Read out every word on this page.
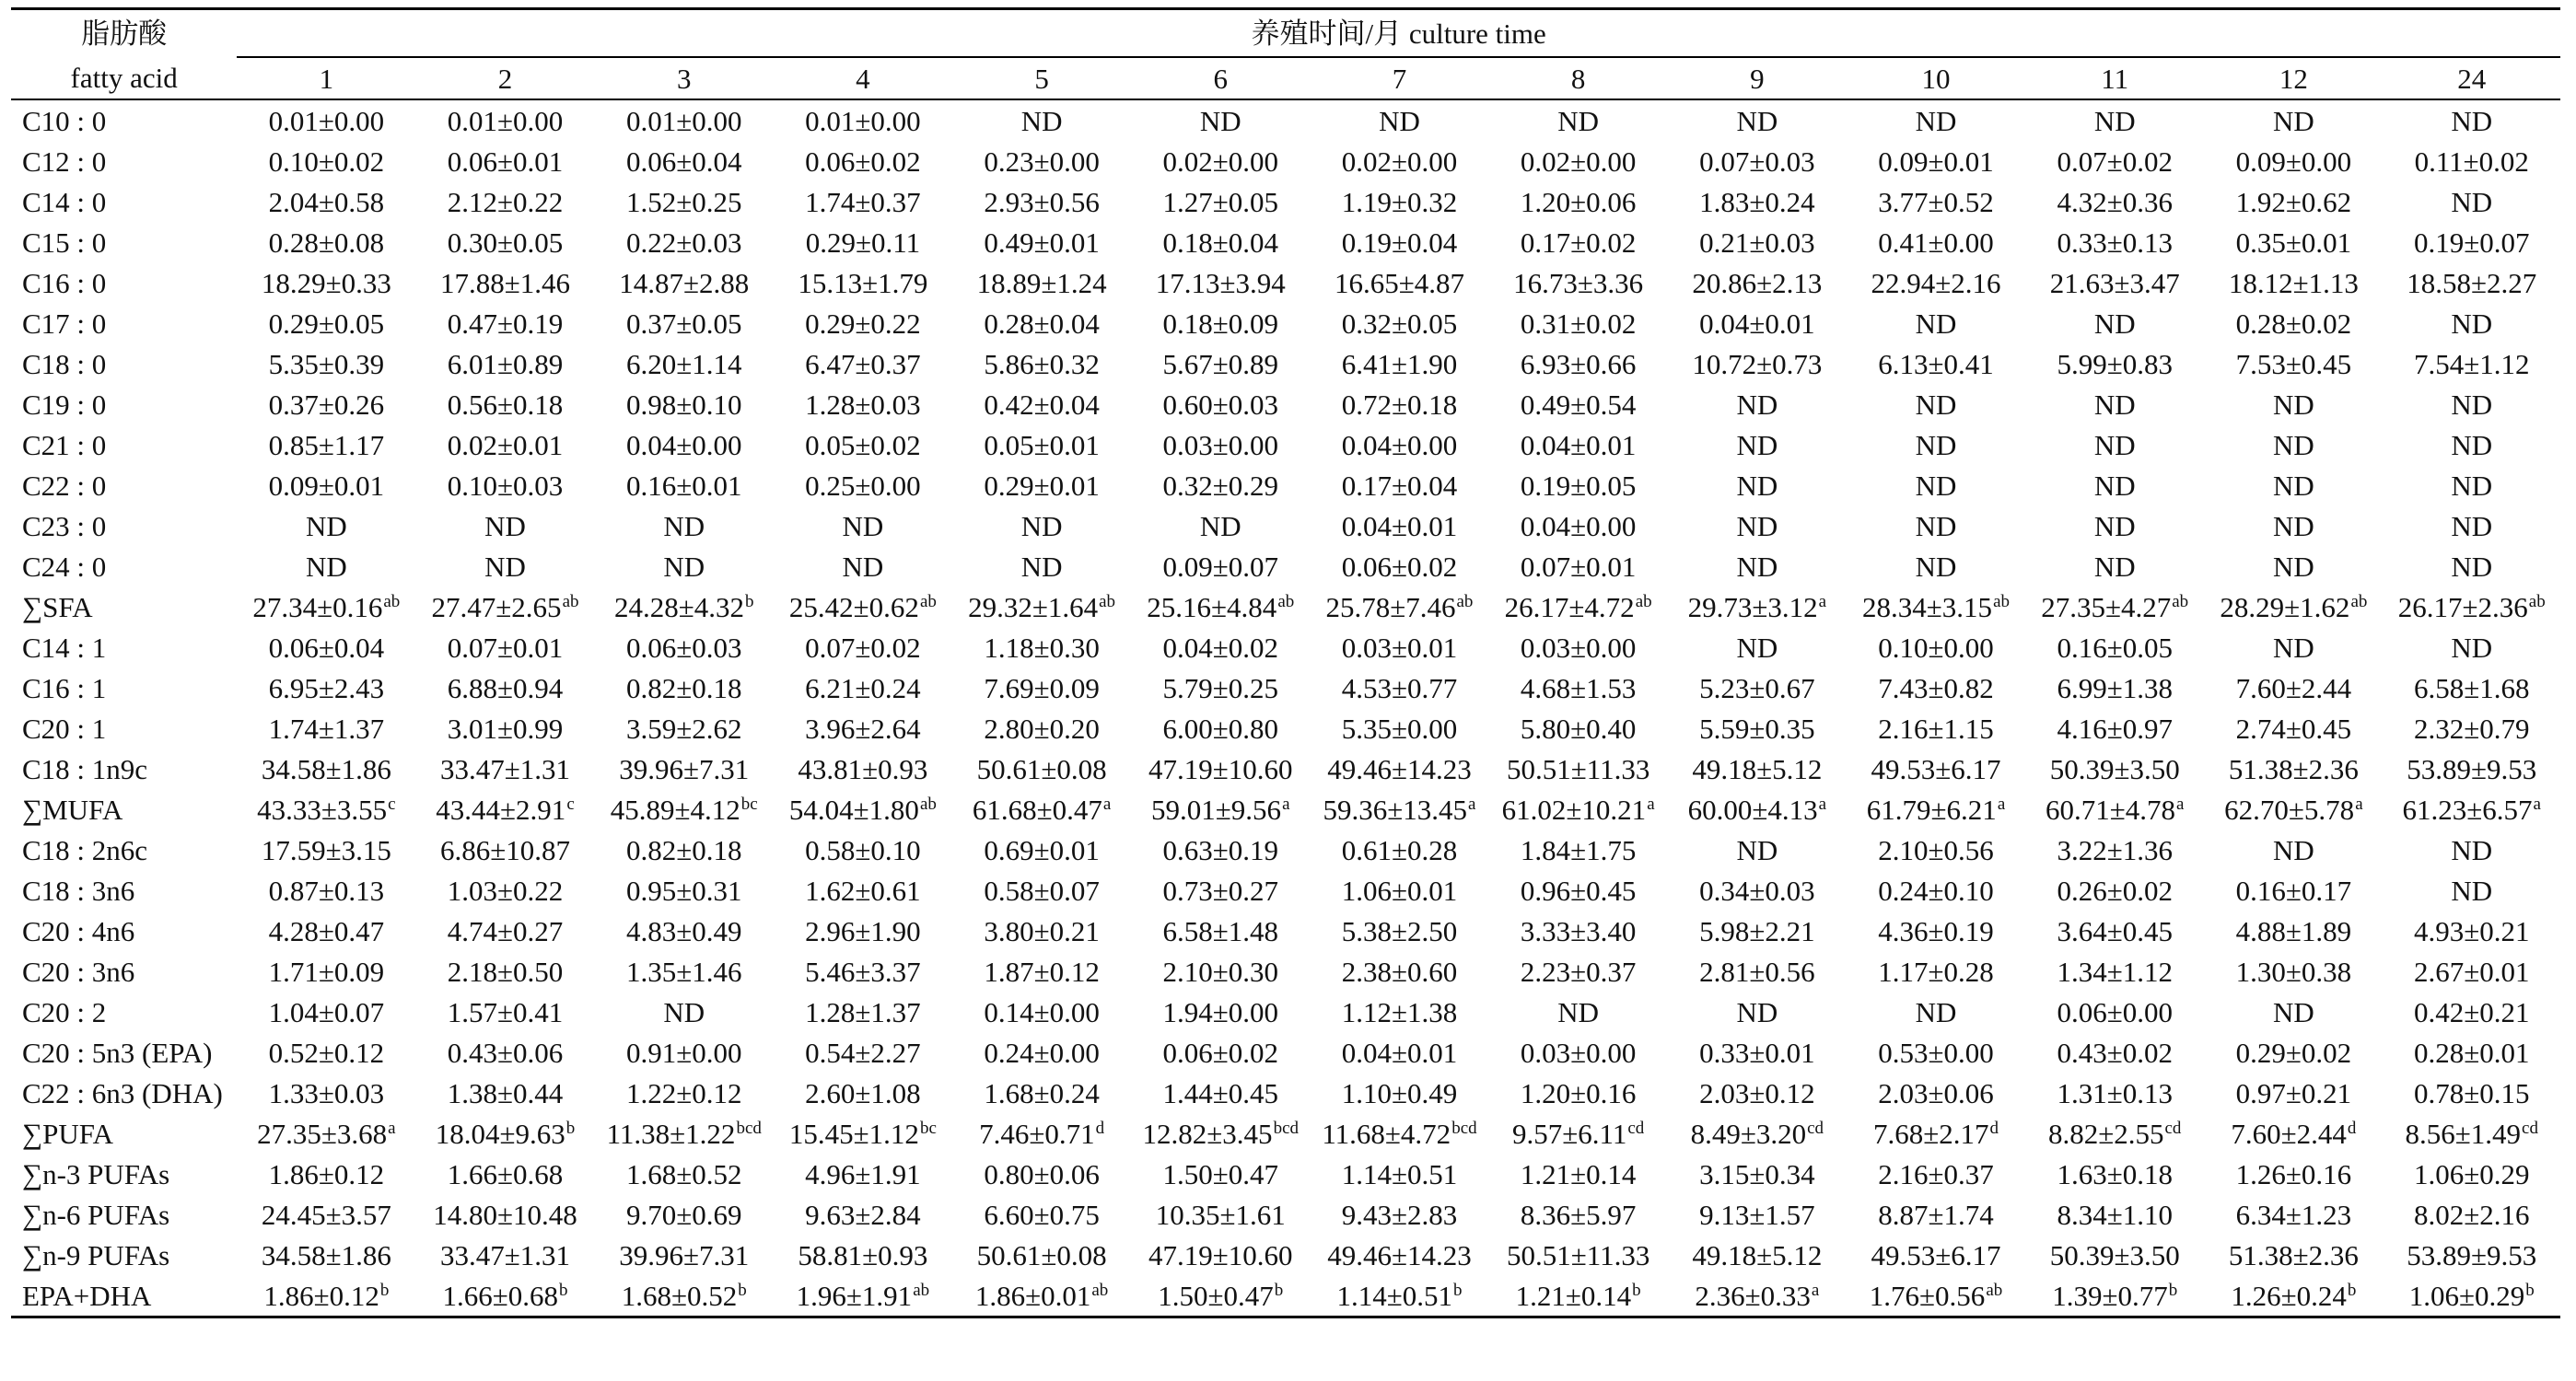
脂肪酸	养殖时间/月 culture time												
fatty acid	1	2	3	4	5	6	7	8	9	10	11	12	24
C10 : 0	0.01±0.00	0.01±0.00	0.01±0.00	0.01±0.00	ND	ND	ND	ND	ND	ND	ND	ND	ND
C12 : 0	0.10±0.02	0.06±0.01	0.06±0.04	0.06±0.02	0.23±0.00	0.02±0.00	0.02±0.00	0.02±0.00	0.07±0.03	0.09±0.01	0.07±0.02	0.09±0.00	0.11±0.02
C14 : 0	2.04±0.58	2.12±0.22	1.52±0.25	1.74±0.37	2.93±0.56	1.27±0.05	1.19±0.32	1.20±0.06	1.83±0.24	3.77±0.52	4.32±0.36	1.92±0.62	ND
C15 : 0	0.28±0.08	0.30±0.05	0.22±0.03	0.29±0.11	0.49±0.01	0.18±0.04	0.19±0.04	0.17±0.02	0.21±0.03	0.41±0.00	0.33±0.13	0.35±0.01	0.19±0.07
C16 : 0	18.29±0.33	17.88±1.46	14.87±2.88	15.13±1.79	18.89±1.24	17.13±3.94	16.65±4.87	16.73±3.36	20.86±2.13	22.94±2.16	21.63±3.47	18.12±1.13	18.58±2.27
C17 : 0	0.29±0.05	0.47±0.19	0.37±0.05	0.29±0.22	0.28±0.04	0.18±0.09	0.32±0.05	0.31±0.02	0.04±0.01	ND	ND	0.28±0.02	ND
C18 : 0	5.35±0.39	6.01±0.89	6.20±1.14	6.47±0.37	5.86±0.32	5.67±0.89	6.41±1.90	6.93±0.66	10.72±0.73	6.13±0.41	5.99±0.83	7.53±0.45	7.54±1.12
C19 : 0	0.37±0.26	0.56±0.18	0.98±0.10	1.28±0.03	0.42±0.04	0.60±0.03	0.72±0.18	0.49±0.54	ND	ND	ND	ND	ND
C21 : 0	0.85±1.17	0.02±0.01	0.04±0.00	0.05±0.02	0.05±0.01	0.03±0.00	0.04±0.00	0.04±0.01	ND	ND	ND	ND	ND
C22 : 0	0.09±0.01	0.10±0.03	0.16±0.01	0.25±0.00	0.29±0.01	0.32±0.29	0.17±0.04	0.19±0.05	ND	ND	ND	ND	ND
C23 : 0	ND	ND	ND	ND	ND	ND	0.04±0.01	0.04±0.00	ND	ND	ND	ND	ND
C24 : 0	ND	ND	ND	ND	ND	0.09±0.07	0.06±0.02	0.07±0.01	ND	ND	ND	ND	ND
∑SFA	27.34±0.16$^{ab}$	27.47±2.65$^{ab}$	24.28±4.32$^b$	25.42±0.62$^{ab}$	29.32±1.64$^{ab}$	25.16±4.84$^{ab}$	25.78±7.46$^{ab}$	26.17±4.72$^{ab}$	29.73±3.12$^a$	28.34±3.15$^{ab}$	27.35±4.27$^{ab}$	28.29±1.62$^{ab}$	26.17±2.36$^{ab}$
C14 : 1	0.06±0.04	0.07±0.01	0.06±0.03	0.07±0.02	1.18±0.30	0.04±0.02	0.03±0.01	0.03±0.00	ND	0.10±0.00	0.16±0.05	ND	ND
C16 : 1	6.95±2.43	6.88±0.94	0.82±0.18	6.21±0.24	7.69±0.09	5.79±0.25	4.53±0.77	4.68±1.53	5.23±0.67	7.43±0.82	6.99±1.38	7.60±2.44	6.58±1.68
C20 : 1	1.74±1.37	3.01±0.99	3.59±2.62	3.96±2.64	2.80±0.20	6.00±0.80	5.35±0.00	5.80±0.40	5.59±0.35	2.16±1.15	4.16±0.97	2.74±0.45	2.32±0.79
C18 : 1n9c	34.58±1.86	33.47±1.31	39.96±7.31	43.81±0.93	50.61±0.08	47.19±10.60	49.46±14.23	50.51±11.33	49.18±5.12	49.53±6.17	50.39±3.50	51.38±2.36	53.89±9.53
∑MUFA	43.33±3.55$^c$	43.44±2.91$^c$	45.89±4.12$^{bc}$	54.04±1.80$^{ab}$	61.68±0.47$^a$	59.01±9.56$^a$	59.36±13.45$^a$	61.02±10.21$^a$	60.00±4.13$^a$	61.79±6.21$^a$	60.71±4.78$^a$	62.70±5.78$^a$	61.23±6.57$^a$
C18 : 2n6c	17.59±3.15	6.86±10.87	0.82±0.18	0.58±0.10	0.69±0.01	0.63±0.19	0.61±0.28	1.84±1.75	ND	2.10±0.56	3.22±1.36	ND	ND
C18 : 3n6	0.87±0.13	1.03±0.22	0.95±0.31	1.62±0.61	0.58±0.07	0.73±0.27	1.06±0.01	0.96±0.45	0.34±0.03	0.24±0.10	0.26±0.02	0.16±0.17	ND
C20 : 4n6	4.28±0.47	4.74±0.27	4.83±0.49	2.96±1.90	3.80±0.21	6.58±1.48	5.38±2.50	3.33±3.40	5.98±2.21	4.36±0.19	3.64±0.45	4.88±1.89	4.93±0.21
C20 : 3n6	1.71±0.09	2.18±0.50	1.35±1.46	5.46±3.37	1.87±0.12	2.10±0.30	2.38±0.60	2.23±0.37	2.81±0.56	1.17±0.28	1.34±1.12	1.30±0.38	2.67±0.01
C20 : 2	1.04±0.07	1.57±0.41	ND	1.28±1.37	0.14±0.00	1.94±0.00	1.12±1.38	ND	ND	ND	0.06±0.00	ND	0.42±0.21
C20 : 5n3 (EPA)	0.52±0.12	0.43±0.06	0.91±0.00	0.54±2.27	0.24±0.00	0.06±0.02	0.04±0.01	0.03±0.00	0.33±0.01	0.53±0.00	0.43±0.02	0.29±0.02	0.28±0.01
C22 : 6n3 (DHA)	1.33±0.03	1.38±0.44	1.22±0.12	2.60±1.08	1.68±0.24	1.44±0.45	1.10±0.49	1.20±0.16	2.03±0.12	2.03±0.06	1.31±0.13	0.97±0.21	0.78±0.15
∑PUFA	27.35±3.68$^a$	18.04±9.63$^b$	11.38±1.22$^{bcd}$	15.45±1.12$^{bc}$	7.46±0.71$^d$	12.82±3.45$^{bcd}$	11.68±4.72$^{bcd}$	9.57±6.11$^{cd}$	8.49±3.20$^{cd}$	7.68±2.17$^d$	8.82±2.55$^{cd}$	7.60±2.44$^d$	8.56±1.49$^{cd}$
∑n-3 PUFAs	1.86±0.12	1.66±0.68	1.68±0.52	4.96±1.91	0.80±0.06	1.50±0.47	1.14±0.51	1.21±0.14	3.15±0.34	2.16±0.37	1.63±0.18	1.26±0.16	1.06±0.29
∑n-6 PUFAs	24.45±3.57	14.80±10.48	9.70±0.69	9.63±2.84	6.60±0.75	10.35±1.61	9.43±2.83	8.36±5.97	9.13±1.57	8.87±1.74	8.34±1.10	6.34±1.23	8.02±2.16
∑n-9 PUFAs	34.58±1.86	33.47±1.31	39.96±7.31	58.81±0.93	50.61±0.08	47.19±10.60	49.46±14.23	50.51±11.33	49.18±5.12	49.53±6.17	50.39±3.50	51.38±2.36	53.89±9.53
EPA+DHA	1.86±0.12$^b$	1.66±0.68$^b$	1.68±0.52$^b$	1.96±1.91$^{ab}$	1.86±0.01$^{ab}$	1.50±0.47$^b$	1.14±0.51$^b$	1.21±0.14$^b$	2.36±0.33$^a$	1.76±0.56$^{ab}$	1.39±0.77$^b$	1.26±0.24$^b$	1.06±0.29$^b$
